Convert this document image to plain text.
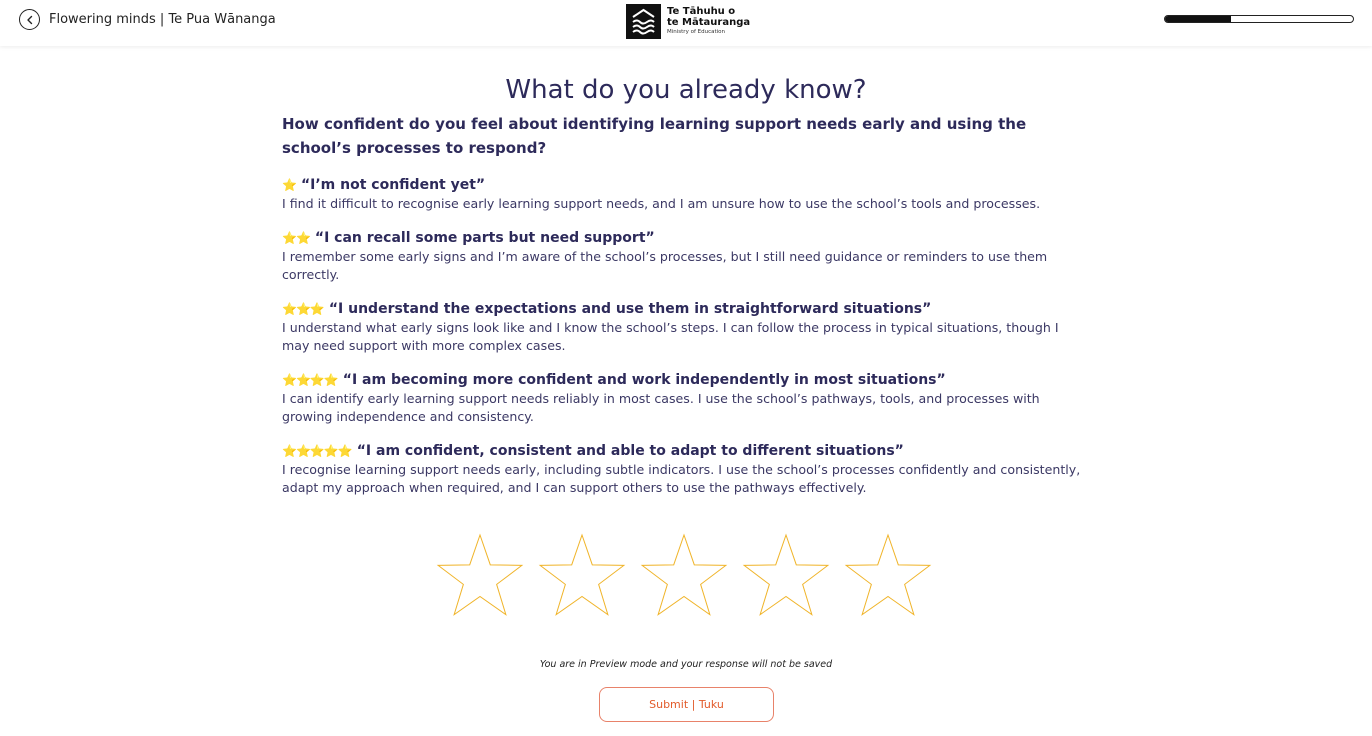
Flowering minds | Te Pua Wānanga
Te Tāhuhu o
te Mātauranga
Ministry of Education
What do you already know?
How confident do you feel about identifying learning support needs early and using the school’s processes to respond?
⭐ “I’m not confident yet”
I find it difficult to recognise early learning support needs, and I am unsure how to use the school’s tools and processes.
⭐⭐ “I can recall some parts but need support”
I remember some early signs and I’m aware of the school’s processes, but I still need guidance or reminders to use them correctly.
⭐⭐⭐ “I understand the expectations and use them in straightforward situations”
I understand what early signs look like and I know the school’s steps. I can follow the process in typical situations, though I may need support with more complex cases.
⭐⭐⭐⭐ “I am becoming more confident and work independently in most situations”
I can identify early learning support needs reliably in most cases. I use the school’s pathways, tools, and processes with growing independence and consistency.
⭐⭐⭐⭐⭐ “I am confident, consistent and able to adapt to different situations”
I recognise learning support needs early, including subtle indicators. I use the school’s processes confidently and consistently, adapt my approach when required, and I can support others to use the pathways effectively.
You are in Preview mode and your response will not be saved
Submit | Tuku
